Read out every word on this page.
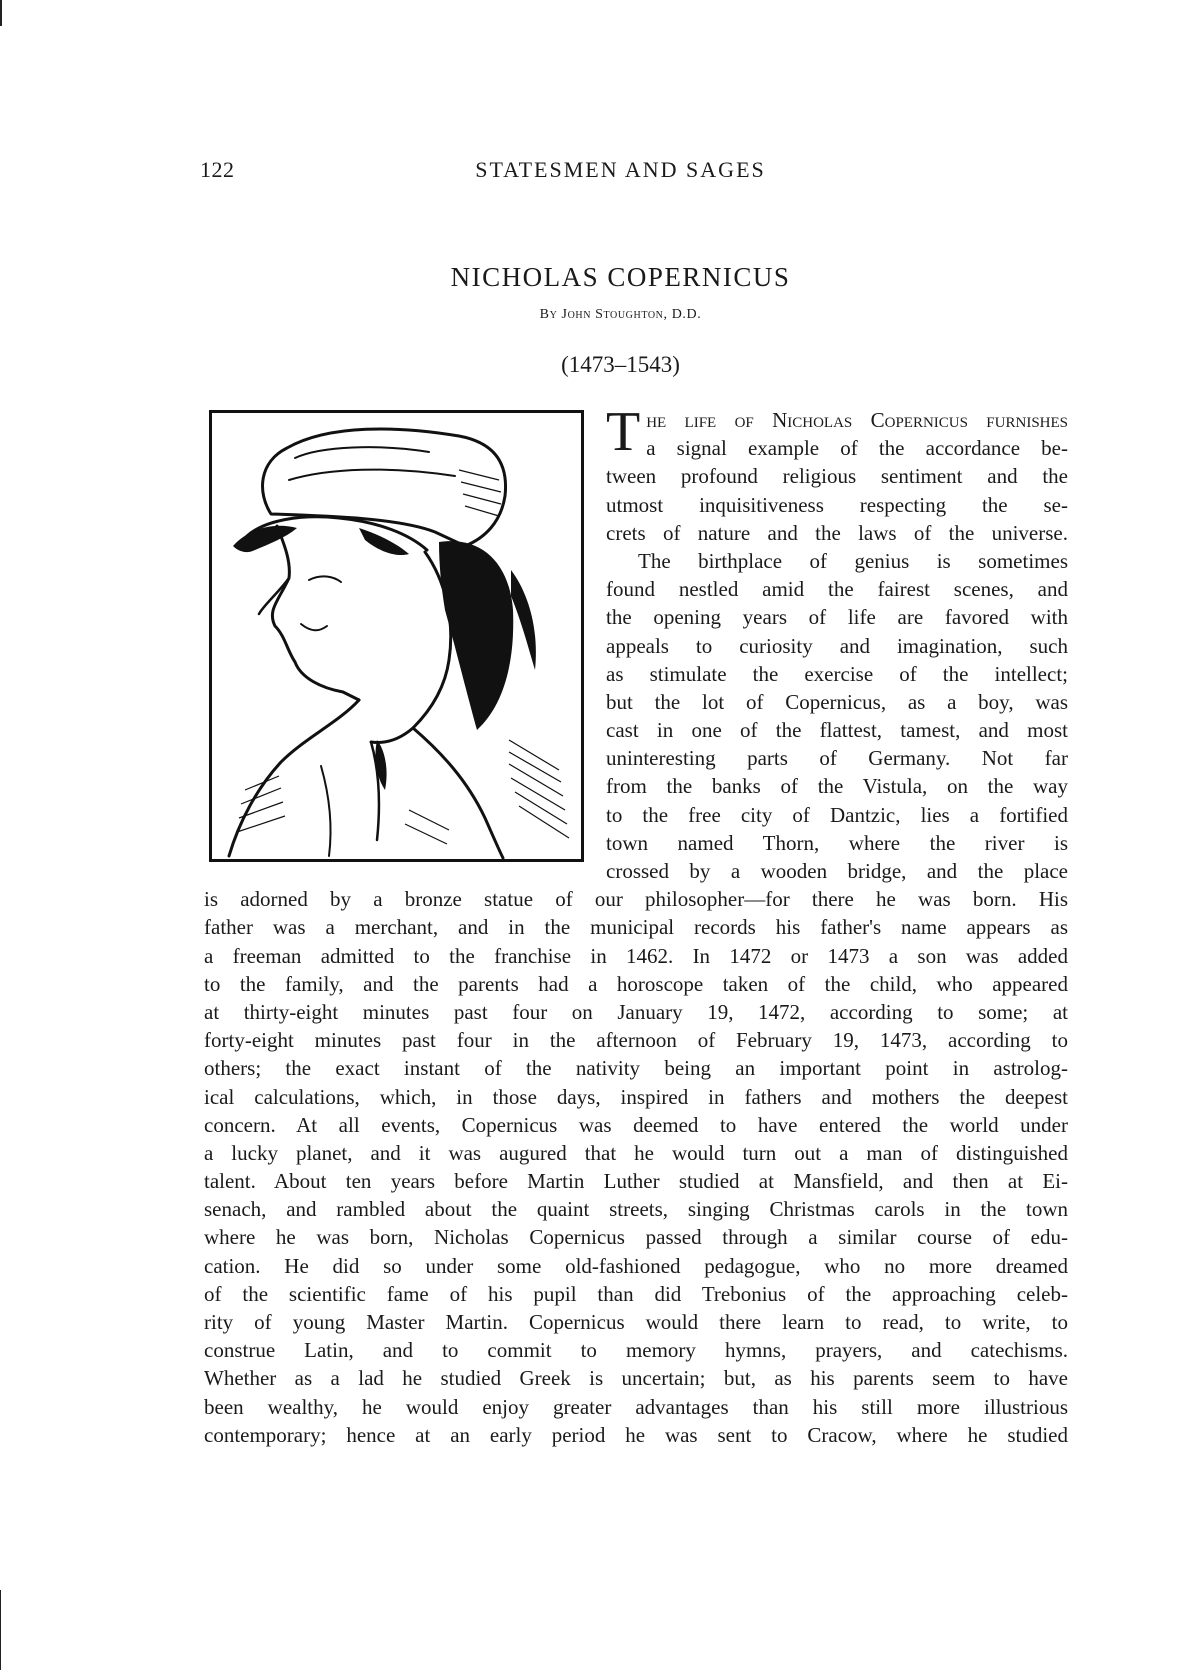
122	STATESMEN AND SAGES
NICHOLAS COPERNICUS
By John Stoughton, D.D.
(1473–1543)
T he life of Nicholas Copernicus furnishes
a signal example of the accordance be-
tween profound religious sentiment and the
utmost inquisitiveness respecting the se-
crets of nature and the laws of the universe.
The birthplace of genius is sometimes
found nestled amid the fairest scenes, and
the opening years of life are favored with
appeals to curiosity and imagination, such
as stimulate the exercise of the intellect;
but the lot of Copernicus, as a boy, was
cast in one of the flattest, tamest, and most
uninteresting parts of Germany. Not far
from the banks of the Vistula, on the way
to the free city of Dantzic, lies a fortified
town named Thorn, where the river is
crossed by a wooden bridge, and the place
is adorned by a bronze statue of our philosopher—for there he was born. His
father was a merchant, and in the municipal records his father's name appears as
a freeman admitted to the franchise in 1462. In 1472 or 1473 a son was added
to the family, and the parents had a horoscope taken of the child, who appeared
at thirty-eight minutes past four on January 19, 1472, according to some; at
forty-eight minutes past four in the afternoon of February 19, 1473, according to
others; the exact instant of the nativity being an important point in astrolog-
ical calculations, which, in those days, inspired in fathers and mothers the deepest
concern. At all events, Copernicus was deemed to have entered the world under
a lucky planet, and it was augured that he would turn out a man of distinguished
talent. About ten years before Martin Luther studied at Mansfield, and then at Ei-
senach, and rambled about the quaint streets, singing Christmas carols in the town
where he was born, Nicholas Copernicus passed through a similar course of edu-
cation. He did so under some old-fashioned pedagogue, who no more dreamed
of the scientific fame of his pupil than did Trebonius of the approaching celeb-
rity of young Master Martin. Copernicus would there learn to read, to write, to
construe Latin, and to commit to memory hymns, prayers, and catechisms.
Whether as a lad he studied Greek is uncertain; but, as his parents seem to have
been wealthy, he would enjoy greater advantages than his still more illustrious
contemporary; hence at an early period he was sent to Cracow, where he studied
